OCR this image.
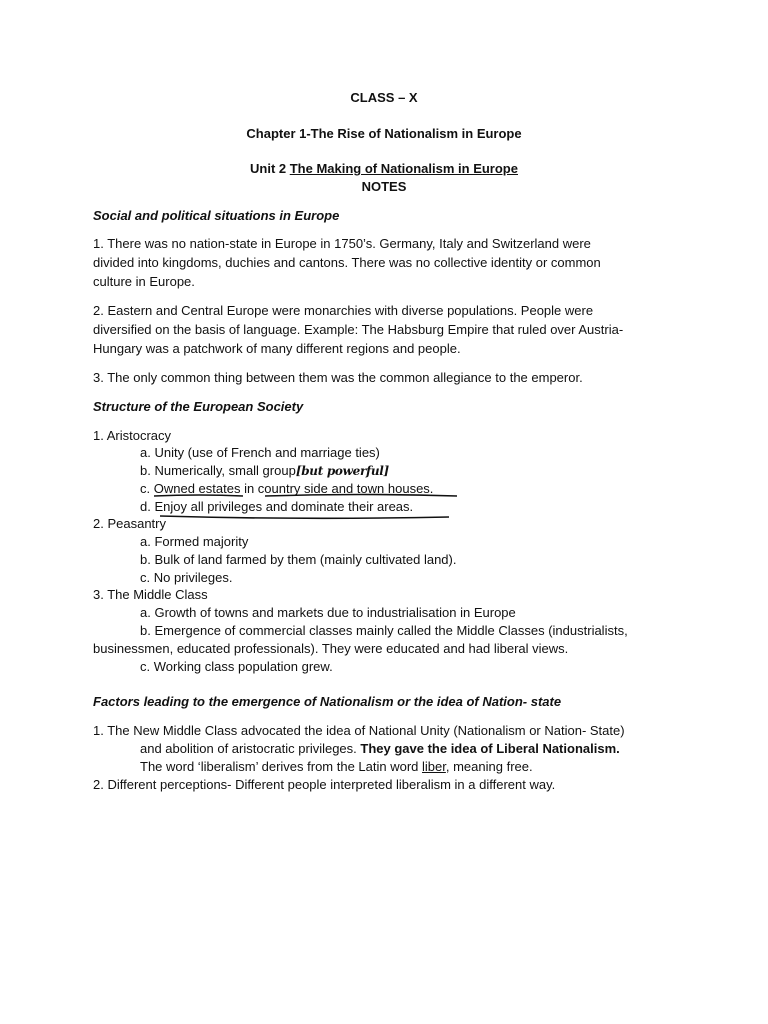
CLASS – X
Chapter 1-The Rise of Nationalism in Europe
Unit 2 The Making of Nationalism in Europe
NOTES
Social and political situations in Europe
1. There was no nation-state in Europe in 1750’s. Germany, Italy and Switzerland were
divided into kingdoms, duchies and cantons. There was no collective identity or common
culture in Europe.
2. Eastern and Central Europe were monarchies with diverse populations. People were
diversified on the basis of language. Example: The Habsburg Empire that ruled over Austria-
Hungary was a patchwork of many different regions and people.
3. The only common thing between them was the common allegiance to the emperor.
Structure of the European Society
1. Aristocracy
a. Unity (use of French and marriage ties)
b. Numerically, small group[but powerful]
c. Owned estates in country side and town houses.
d. Enjoy all privileges and dominate their areas.
2. Peasantry
a. Formed majority
b. Bulk of land farmed by them (mainly cultivated land).
c. No privileges.
3. The Middle Class
a. Growth of towns and markets due to industrialisation in Europe
b. Emergence of commercial classes mainly called the Middle Classes (industrialists,
businessmen, educated professionals). They were educated and had liberal views.
c. Working class population grew.
Factors leading to the emergence of Nationalism or the idea of Nation- state
1. The New Middle Class advocated the idea of National Unity (Nationalism or Nation- State)
and abolition of aristocratic privileges. They gave the idea of Liberal Nationalism.
The word ‘liberalism’ derives from the Latin word liber, meaning free.
2. Different perceptions- Different people interpreted liberalism in a different way.
